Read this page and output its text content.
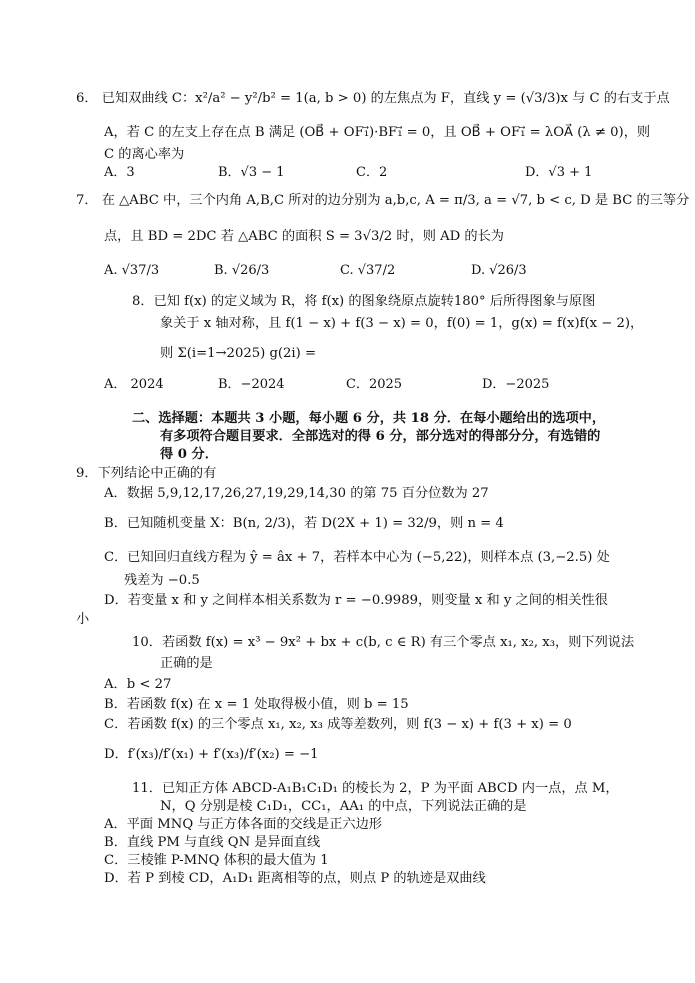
6． 已知双曲线 C：x²/a² − y²/b² = 1(a, b > 0) 的左焦点为 F，直线 y = (√3/3)x 与 C 的右支于点
A，若 C 的左支上存在点 B 满足 (OB⃗ + OF₁⃗)·BF₁⃗ = 0，且 OB⃗ + OF₁⃗ = λOA⃗ (λ ≠ 0)，则
C 的离心率为
A．3	B．√3 − 1	C．2	D．√3 + 1
7． 在 △ABC 中，三个内角 A,B,C 所对的边分别为 a,b,c, A = π/3, a = √7, b < c, D 是 BC 的三等分
点，且 BD = 2DC 若 △ABC 的面积 S = 3√3/2 时，则 AD 的长为
A. √37/3	B. √26/3	C. √37/2	D. √26/3
8．已知 f(x) 的定义域为 R，将 f(x) 的图象绕原点旋转180° 后所得图象与原图
象关于 x 轴对称，且 f(1 − x) + f(3 − x) = 0，f(0) = 1，g(x) = f(x)f(x − 2)，
则 Σ(i=1→2025) g(2i) =
A． 2024	B．−2024	C．2025	D．−2025
二、选择题：本题共 3 小题，每小题 6 分，共 18 分．在每小题给出的选项中，
有多项符合题目要求．全部选对的得 6 分，部分选对的得部分分，有选错的
得 0 分．
9．下列结论中正确的有
A．数据 5,9,12,17,26,27,19,29,14,30 的第 75 百分位数为 27
B．已知随机变量 X：B(n, 2/3)，若 D(2X + 1) = 32/9，则 n = 4
C．已知回归直线方程为 ŷ = âx + 7，若样本中心为 (−5,22)，则样本点 (3,−2.5) 处
残差为 −0.5
D．若变量 x 和 y 之间样本相关系数为 r = −0.9989，则变量 x 和 y 之间的相关性很
小
10．若函数 f(x) = x³ − 9x² + bx + c(b, c ∈ R) 有三个零点 x₁, x₂, x₃，则下列说法
正确的是
A．b < 27
B．若函数 f(x) 在 x = 1 处取得极小值，则 b = 15
C．若函数 f(x) 的三个零点 x₁, x₂, x₃ 成等差数列，则 f(3 − x) + f(3 + x) = 0
D．f′(x₃)/f′(x₁) + f′(x₃)/f′(x₂) = −1
11．已知正方体 ABCD-A₁B₁C₁D₁ 的棱长为 2，P 为平面 ABCD 内一点，点 M，
N，Q 分别是棱 C₁D₁，CC₁，AA₁ 的中点，下列说法正确的是
A．平面 MNQ 与正方体各面的交线是正六边形
B．直线 PM 与直线 QN 是异面直线
C．三棱锥 P-MNQ 体积的最大值为 1
D．若 P 到棱 CD，A₁D₁ 距离相等的点，则点 P 的轨迹是双曲线
